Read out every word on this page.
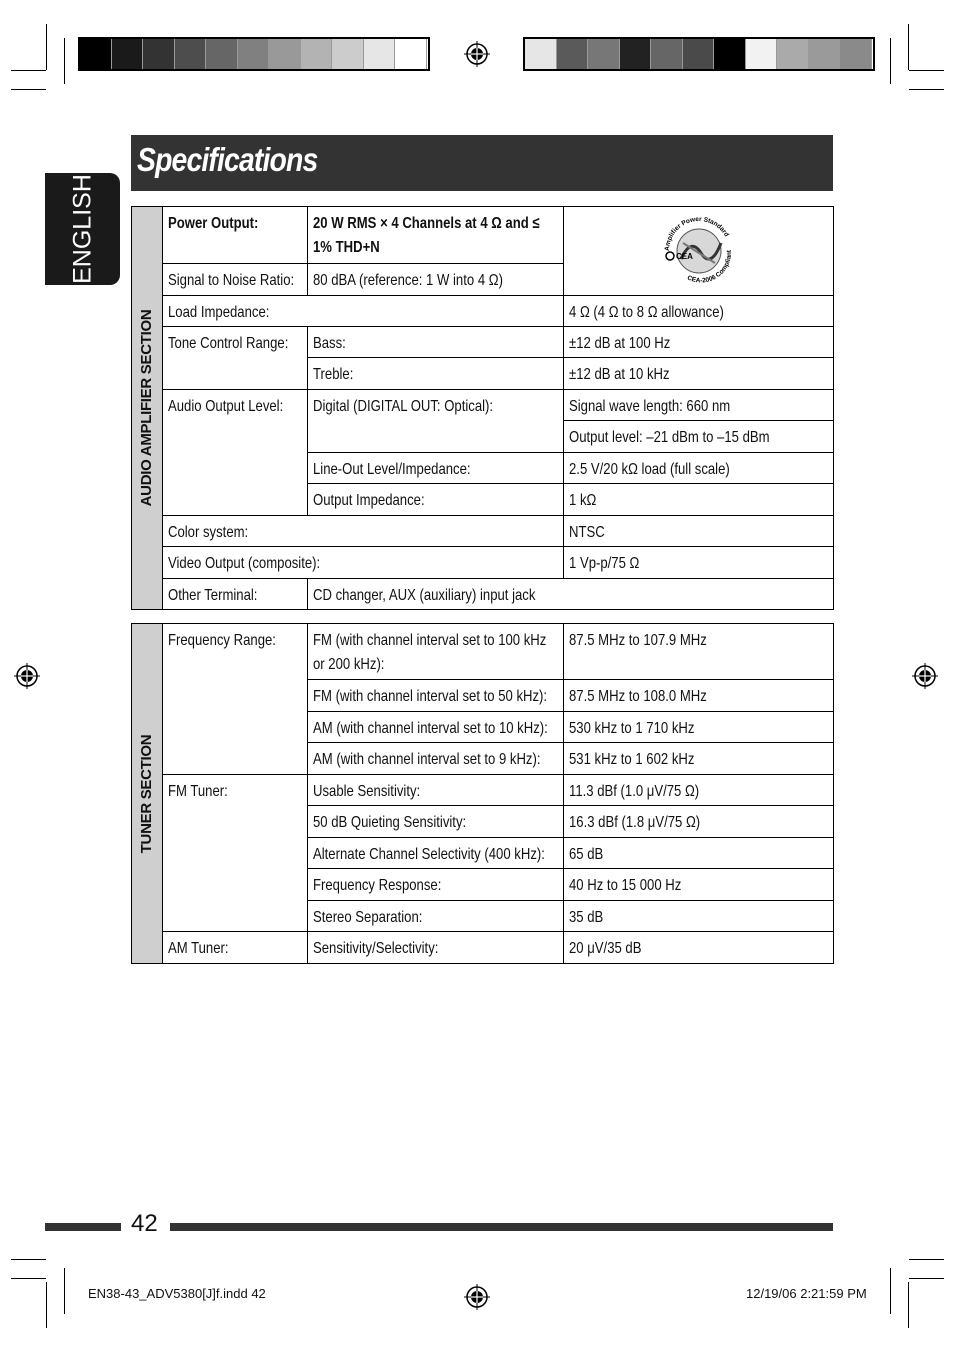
Specifications
ENGLISH
AUDIO AMPLIFIER SECTION	Power Output:	20 W RMS × 4 Channels at 4 Ω and ≤ 1% THD+N	Amplifier Power Standard
CEA-2006 Compliant
CEA

	Signal to Noise Ratio:	80 dBA (reference: 1 W into 4 Ω)	
	Load Impedance:		4 Ω (4 Ω to 8 Ω allowance)
	Tone Control Range:	Bass:	±12 dB at 100 Hz
		Treble:	±12 dB at 10 kHz
	Audio Output Level:	Digital (DIGITAL OUT: Optical):	Signal wave length: 660 nm
			Output level: –21 dBm to –15 dBm
		Line-Out Level/Impedance:	2.5 V/20 kΩ load (full scale)
		Output Impedance:	1 kΩ
	Color system:		NTSC
	Video Output (composite):		1 Vp-p/75 Ω
	Other Terminal:	CD changer, AUX (auxiliary) input jack	
TUNER SECTION	Frequency Range:	FM (with channel interval set to 100 kHz or 200 kHz):	87.5 MHz to 107.9 MHz
		FM (with channel interval set to 50 kHz):	87.5 MHz to 108.0 MHz
		AM (with channel interval set to 10 kHz):	530 kHz to 1 710 kHz
		AM (with channel interval set to 9 kHz):	531 kHz to 1 602 kHz
	FM Tuner:	Usable Sensitivity:	11.3 dBf (1.0 μV/75 Ω)
		50 dB Quieting Sensitivity:	16.3 dBf (1.8 μV/75 Ω)
		Alternate Channel Selectivity (400 kHz):	65 dB
		Frequency Response:	40 Hz to 15 000 Hz
		Stereo Separation:	35 dB
	AM Tuner:	Sensitivity/Selectivity:	20 μV/35 dB
42
EN38-43_ADV5380[J]f.indd 42	12/19/06 2:21:59 PM
